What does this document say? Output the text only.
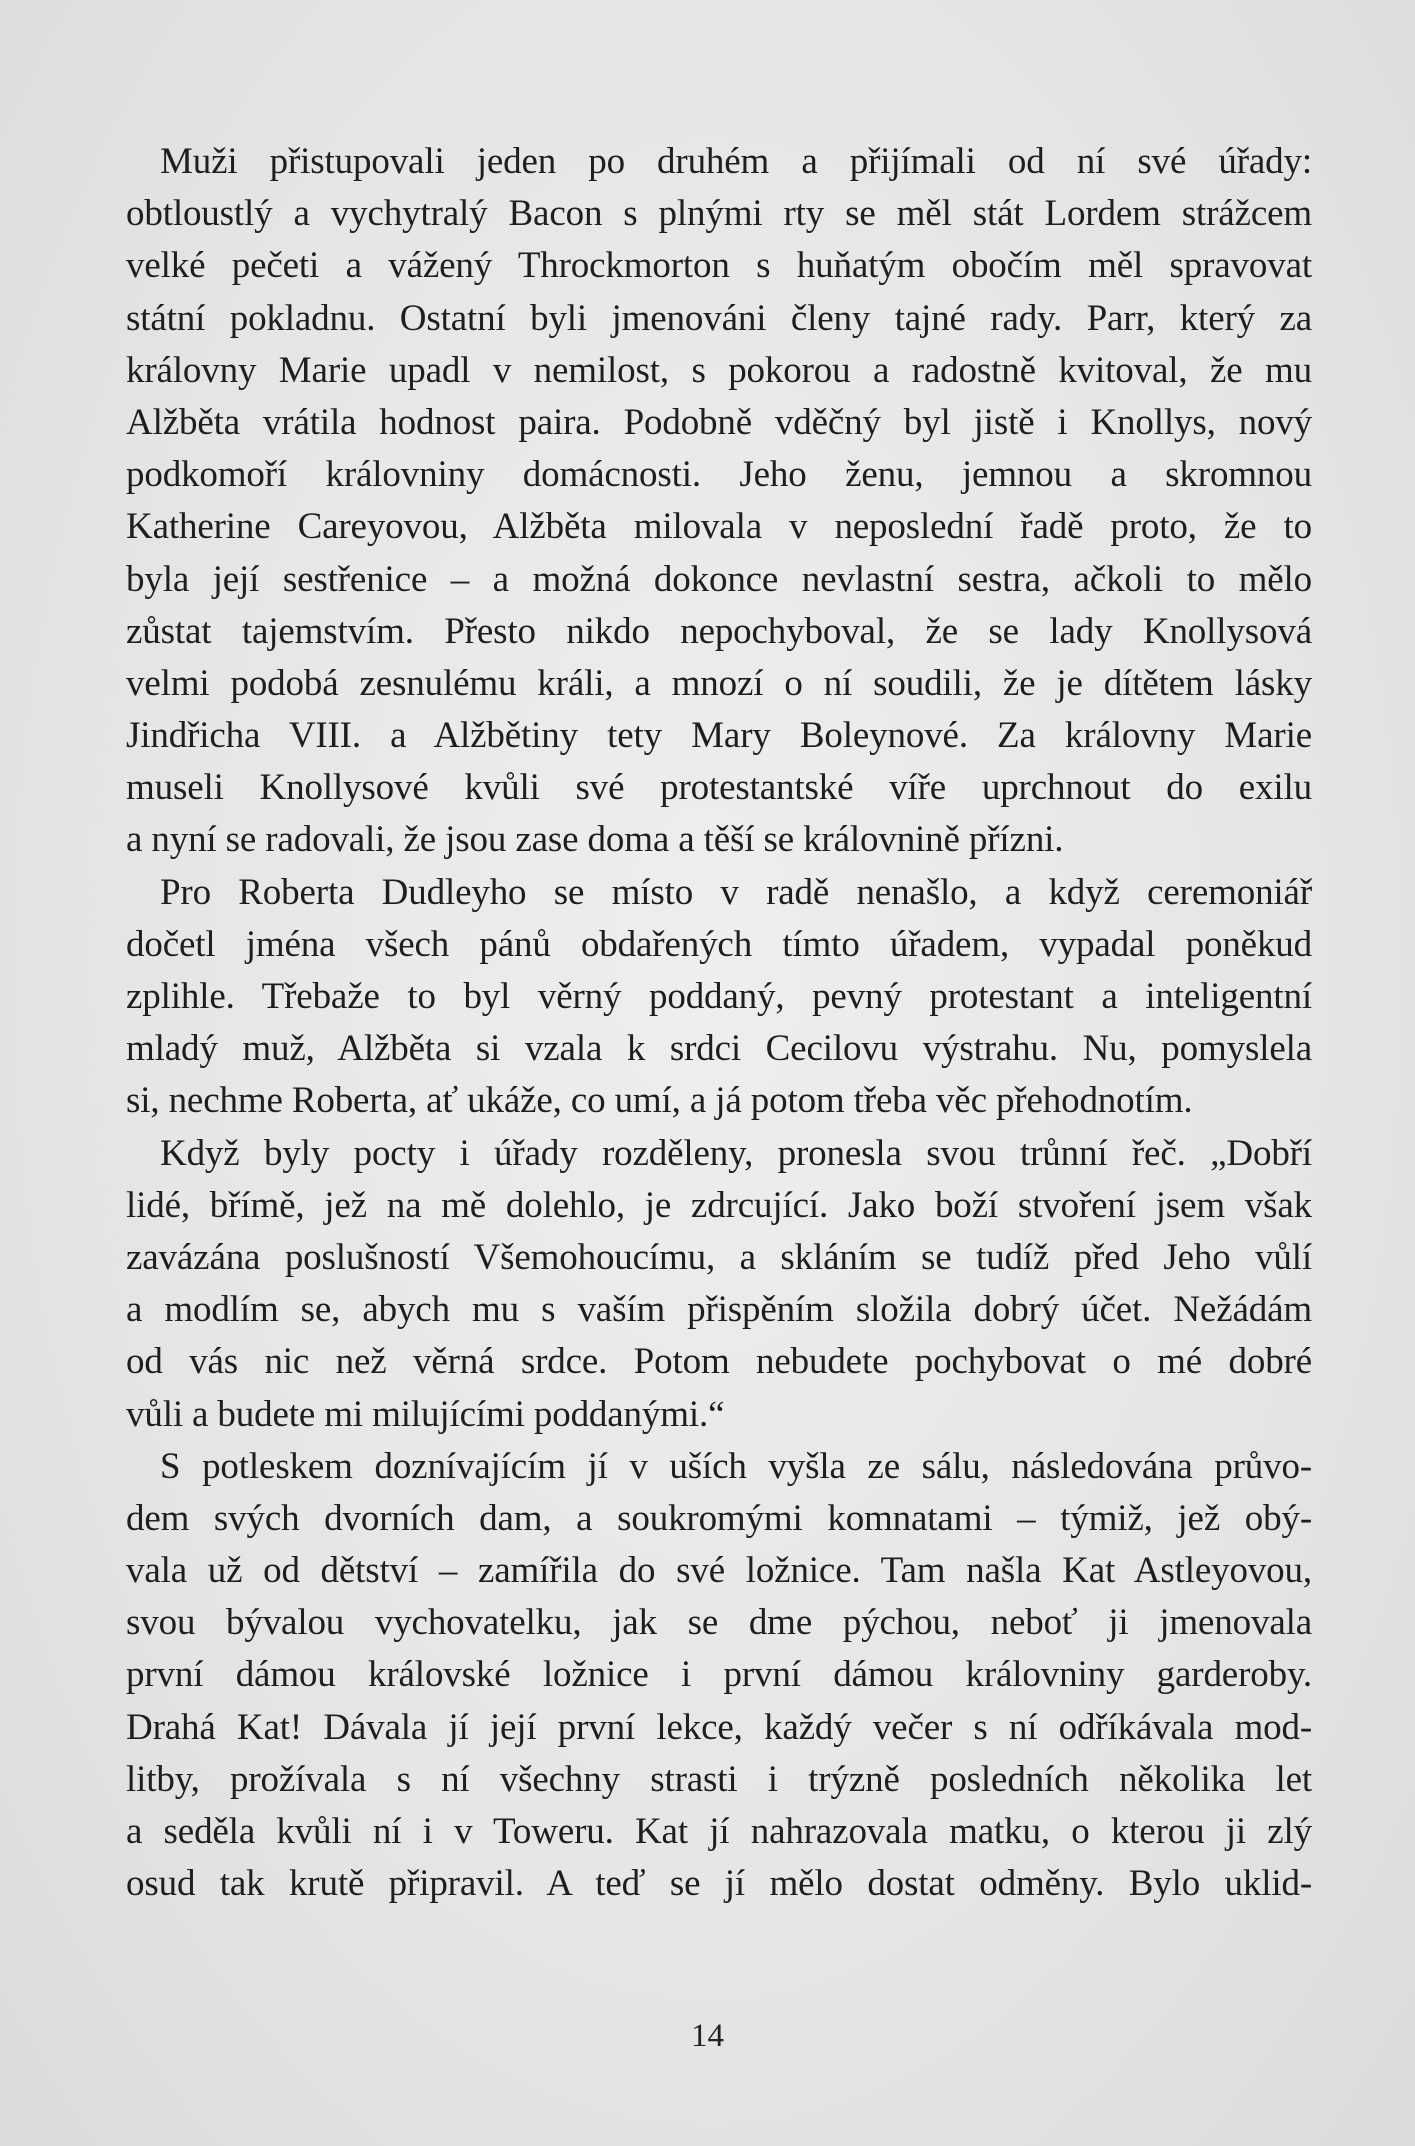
Muži přistupovali jeden po druhém a přijímali od ní své úřady:
obtloustlý a vychytralý Bacon s plnými rty se měl stát Lordem strážcem
velké pečeti a vážený Throckmorton s huňatým obočím měl spravovat
státní pokladnu. Ostatní byli jmenováni členy tajné rady. Parr, který za
královny Marie upadl v nemilost, s pokorou a radostně kvitoval, že mu
Alžběta vrátila hodnost paira. Podobně vděčný byl jistě i Knollys, nový
podkomoří královniny domácnosti. Jeho ženu, jemnou a skromnou
Katherine Careyovou, Alžběta milovala v neposlední řadě proto, že to
byla její sestřenice – a možná dokonce nevlastní sestra, ačkoli to mělo
zůstat tajemstvím. Přesto nikdo nepochyboval, že se lady Knollysová
velmi podobá zesnulému králi, a mnozí o ní soudili, že je dítětem lásky
Jindřicha VIII. a Alžbětiny tety Mary Boleynové. Za královny Marie
museli Knollysové kvůli své protestantské víře uprchnout do exilu
a nyní se radovali, že jsou zase doma a těší se královnině přízni.
Pro Roberta Dudleyho se místo v radě nenašlo, a když ceremoniář
dočetl jména všech pánů obdařených tímto úřadem, vypadal poněkud
zplihle. Třebaže to byl věrný poddaný, pevný protestant a inteligentní
mladý muž, Alžběta si vzala k srdci Cecilovu výstrahu. Nu, pomyslela
si, nechme Roberta, ať ukáže, co umí, a já potom třeba věc přehodnotím.
Když byly pocty i úřady rozděleny, pronesla svou trůnní řeč. „Dobří
lidé, břímě, jež na mě dolehlo, je zdrcující. Jako boží stvoření jsem však
zavázána poslušností Všemohoucímu, a skláním se tudíž před Jeho vůlí
a modlím se, abych mu s vaším přispěním složila dobrý účet. Nežádám
od vás nic než věrná srdce. Potom nebudete pochybovat o mé dobré
vůli a budete mi milujícími poddanými.“
S potleskem doznívajícím jí v uších vyšla ze sálu, následována průvo-
dem svých dvorních dam, a soukromými komnatami – týmiž, jež obý-
vala už od dětství – zamířila do své ložnice. Tam našla Kat Astleyovou,
svou bývalou vychovatelku, jak se dme pýchou, neboť ji jmenovala
první dámou královské ložnice i první dámou královniny garderoby.
Drahá Kat! Dávala jí její první lekce, každý večer s ní odříkávala mod-
litby, prožívala s ní všechny strasti i trýzně posledních několika let
a seděla kvůli ní i v Toweru. Kat jí nahrazovala matku, o kterou ji zlý
osud tak krutě připravil. A teď se jí mělo dostat odměny. Bylo uklid-
14
